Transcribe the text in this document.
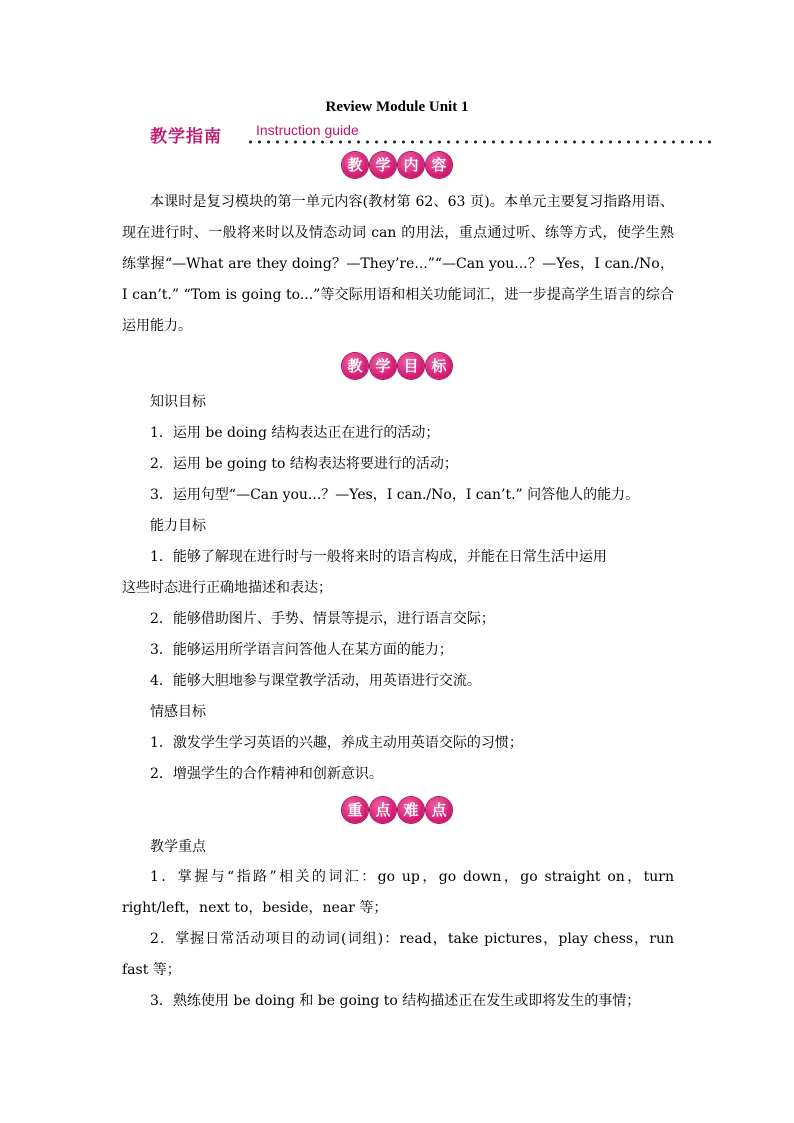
Review Module Unit 1
教学指南 Instruction guide
教 学 内 容
本课时是复习模块的第一单元内容(教材第 62、63 页)。本单元主要复习指路用语、现在进行时、一般将来时以及情态动词 can 的用法，重点通过听、练等方式，使学生熟练掌握“—What are they doing？—They’re...”“—Can you...？—Yes，I can./No，I can’t.” “Tom is going to...”等交际用语和相关功能词汇，进一步提高学生语言的综合运用能力。
教 学 目 标
知识目标
1．运用 be doing 结构表达正在进行的活动；
2．运用 be going to 结构表达将要进行的活动；
3．运用句型“—Can you...？—Yes，I can./No，I can’t.” 问答他人的能力。
能力目标
1．能够了解现在进行时与一般将来时的语言构成，并能在日常生活中运用
这些时态进行正确地描述和表达；
2．能够借助图片、手势、情景等提示，进行语言交际；
3．能够运用所学语言问答他人在某方面的能力；
4．能够大胆地参与课堂教学活动，用英语进行交流。
情感目标
1．激发学生学习英语的兴趣，养成主动用英语交际的习惯；
2．增强学生的合作精神和创新意识。
重 点 难 点
教学重点
1．掌握与“指路”相关的词汇：go up，go down，go straight on，turn right/left，next to，beside，near 等；
2．掌握日常活动项目的动词(词组)：read，take pictures，play chess，run fast 等；
3．熟练使用 be doing 和 be going to 结构描述正在发生或即将发生的事情；
